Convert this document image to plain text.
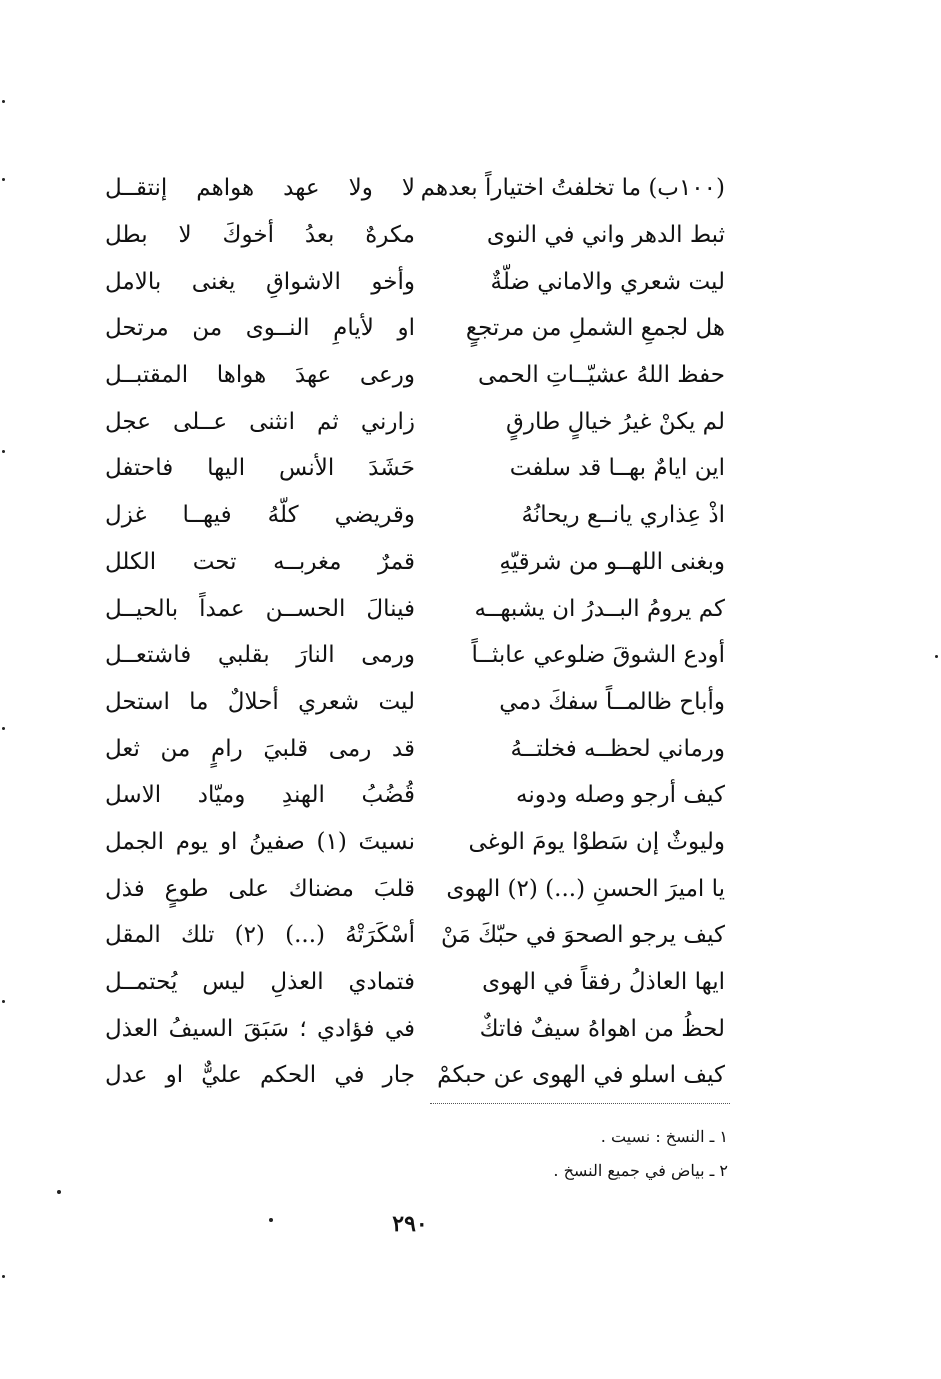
(١٠٠ب) ما تخلفتُ اختياراً بعدهم
لا ولا عهد هواهم إنتقــل
ثبط الدهر واني في النوى
مكرهٌ بعدُ أخوكَ لا بطل
ليت شعري والاماني ضلّةٌ
وأخو الاشواقِ يغنى بالامل
هل لجمعِ الشملِ من مرتجعٍ
او لأيامِ النــوى من مرتحل
حفظ اللهُ عشيّــاتِ الحمى
ورعى عهدَ هواها المقتبــل
لم يكنْ غيرُ خيالٍ طارقٍ
زارني ثم انثنى عــلى عجل
اين ايامٌ بهــا قد سلفت
حَشَدَ الأنس اليها فاحتفل
اذْ عِذاري يانــع ريحانُهُ
وقريضي كلّهُ فيهــا غزل
وبغنى اللهــو من شرقيّهِ
قمرٌ مغربــه تحت الكلل
كم يرومُ البــدرُ ان يشبهــه
فينالَ الحســن عمداً بالحيــل
أودع الشوقَ ضلوعي عابثــاً
ورمى النارَ بقلبي فاشتعــل
وأباح ظالمــاً سفكَ دمي
ليت شعري أحلالٌ ما استحل
ورماني لحظــه فخلتــهُ
قد رمى قلبيَ رامٍ من ثعل
كيف أرجو وصله ودونه
قُضُبُ الهندِ وميّاد الاسل
وليوثٌ إن سَطوْا يومَ الوغى
نسيتَ (١) صفينُ او يوم الجمل
يا اميرَ الحسنِ (...) (٢) الهوى
قلبَ مضناك على طوعٍ فذل
كيف يرجو الصحوَ في حبّكَ مَنْ
أسْكَرَتْهُ (...) (٢) تلك المقل
ايها العاذلُ رفقاً في الهوى
فتمادي العذلِ ليس يُحتمــل
لحظُ من اهواهُ سيفٌ فاتكٌ
في فؤادي ؛ سَبَقَ السيفُ العذل
كيف اسلو في الهوى عن حبكمْ
جار في الحكم عليٌّ او عدل
١ ـ النسخ : نسيت .
٢ ـ بياض في جميع النسخ .
٢٩٠
